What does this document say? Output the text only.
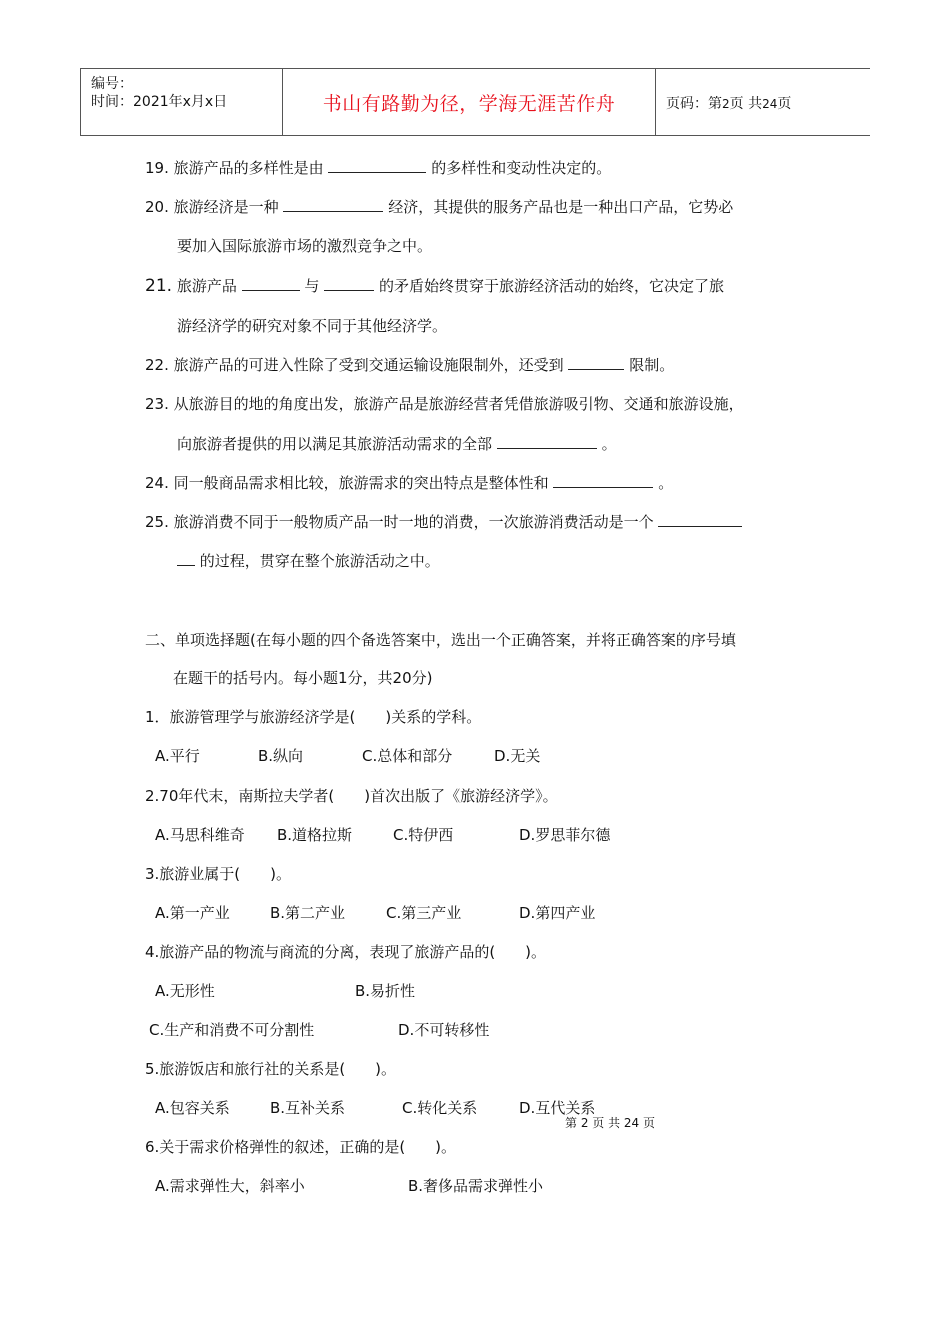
编号：
时间：2021年x月x日	书山有路勤为径，学海无涯苦作舟	页码：第2页 共24页
19. 旅游产品的多样性是由	的多样性和变动性决定的。
20. 旅游经济是一种	经济，其提供的服务产品也是一种出口产品，它势必
要加入国际旅游市场的激烈竞争之中。
21. 旅游产品	与	的矛盾始终贯穿于旅游经济活动的始终，它决定了旅
游经济学的研究对象不同于其他经济学。
22. 旅游产品的可进入性除了受到交通运输设施限制外，还受到	限制。
23. 从旅游目的地的角度出发，旅游产品是旅游经营者凭借旅游吸引物、交通和旅游设施，
向旅游者提供的用以满足其旅游活动需求的全部	。
24. 同一般商品需求相比较，旅游需求的突出特点是整体性和	。
25. 旅游消费不同于一般物质产品一时一地的消费，一次旅游消费活动是一个
的过程，贯穿在整个旅游活动之中。
二、单项选择题(在每小题的四个备选答案中，选出一个正确答案，并将正确答案的序号填
在题干的括号内。每小题1分，共20分)
1．旅游管理学与旅游经济学是(　　)关系的学科。
A.平行	B.纵向	C.总体和部分	D.无关
2.70年代末，南斯拉夫学者(　　)首次出版了《旅游经济学》。
A.马思科维奇 B.道格拉斯	C.特伊西	D.罗思菲尔德
3.旅游业属于(　　)。
A.第一产业	B.第二产业	C.第三产业	D.第四产业
4.旅游产品的物流与商流的分离，表现了旅游产品的(　　)。
A.无形性	B.易折性
C.生产和消费不可分割性	D.不可转移性
5.旅游饭店和旅行社的关系是(　　)。
A.包容关系	B.互补关系	C.转化关系	D.互代关系
第 2 页 共 24 页
6.关于需求价格弹性的叙述，正确的是(　　)。
A.需求弹性大，斜率小	B.奢侈品需求弹性小
